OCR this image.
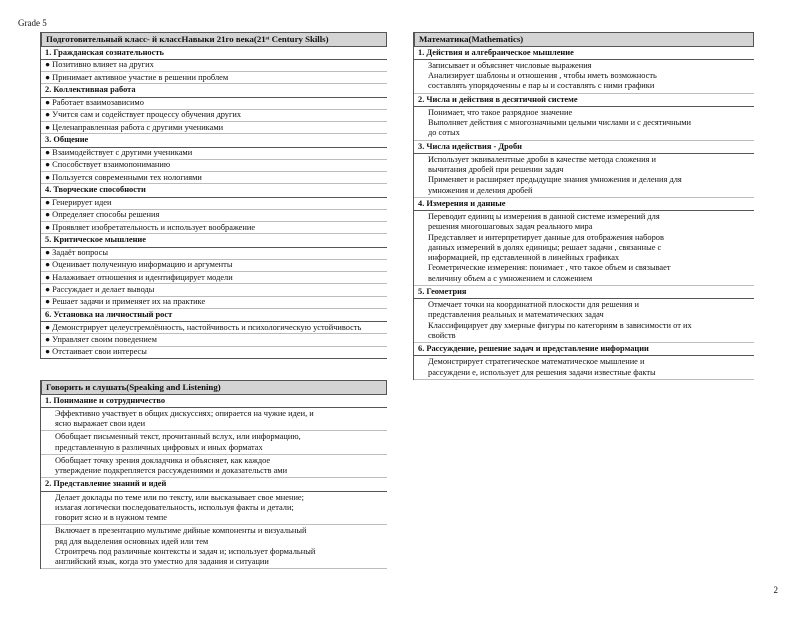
Grade 5
Подготовительный клаcс- й классНавыки 21го века(21ˢᵗ Century Skills)
1. Гражданская сознательность
● Позитивно влияет на других
● Принимает активное участие в решении проблем
2. Коллективная работа
● Работает взаимозависимо
● Учится сам и содействует процессу обучения других
● Целенаправленная работа с другими учениками
3. Общение
● Взаимодействует с другими учениками
● Способствует взаимопониманию
● Пользуется современными тех нологиями
4. Творческие способности
● Генерирует идеи
● Определяет способы решения
● Проявляет изобретательность и использует воображение
5. Критическое мышление
● Задаёт вопросы
● Оценивает полученную информацию и аргументы
● Налаживает отношения и идентифицирует модели
● Рассуждает и делает выводы
● Решает задачи и применяет их на практике
6. Установка на личностный рост
● Демонстрирует целеустремлённость, настойчивость и психологическую устойчивость
● Управляет своим поведением
● Отстаивает свои интересы
Говорить и слушать(Speaking and Listening)
1. Понимание и сотрудничество
Эффективно участвует в общих дискуссиях; опирается на чужие идеи, и
ясно выражает свои идеи
Обобщает письменный текст, прочитанный вслух, или информацию,
представленную в различных цифровых и иных форматах
Обобщает точку зрения докладчика и объясняет, как каждое
утверждение подкрепляется рассуждениями и доказательств ами
2. Представление знаний и идей
Делает доклады по теме или по тексту, или высказывает свое мнение;
излагая логически последовательность, используя факты и детали;
говорит ясно и в нужном темпе
Включает в презентацию мультиме дийные компоненты и визуальный
ряд для выделения основных идей или тем
Строитречь под различные контексты и задач и; использует формальный
английский язык, когда это уместно для задания и ситуации
Математика(Mathematics)
1. Действия и алгебраическое мышление
Записывает и объясняет числовые выражения
Анализирует шаблоны и отношения , чтобы иметь возможность
составлять упорядоченны е пар ы и составлять с ними графики
2. Числа и действия в десятичной системе
Понимает, что такое разрядное значение
Выполняет действия с многозначными целыми числами и с десятичными
до сотых
3. Числа идействия - Дроби
Использует эквивалентные дроби в качестве метода сложения и
вычитания дробей при решении задач
Применяет и расширяет предыдущие знания умножения и деления для
умножения и деления дробей
4. Измерения и данные
Переводит единиц ы измерения в данной системе измерений для
решения многошаговых задач реального мира
Представляет и интерпретирует данные для отображения наборов
данных измерений в долях единицы; решает задачи , связанные с
информацией, пр едставленной в линейных графиках
Геометрические измерения: понимает , что такое объем и связывает
величину объем а с умножением и сложением
5. Геометрия
Отмечает точки на координатной плоскости для решения и
представления реальных и математических задач
Классифицирует дву хмерные фигуры по категориям в зависимости от их
свойств
6. Рассуждение, решение задач и представление информации
Демонстрирует стратегическое математическое мышление и
рассуждени е, использует для решения задачи известные факты
2
